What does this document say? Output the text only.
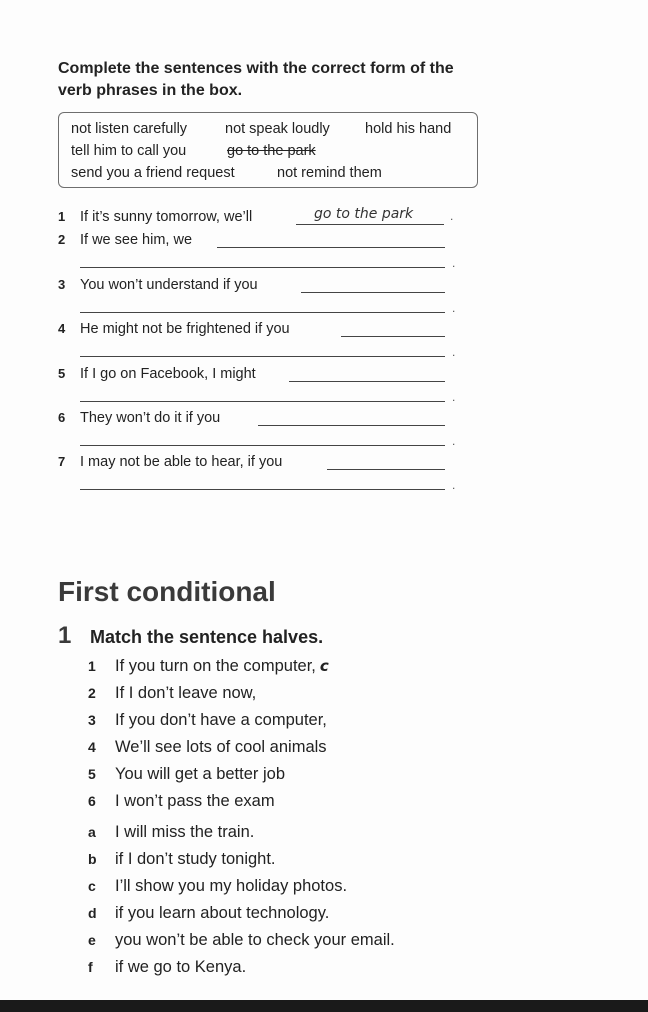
Complete the sentences with the correct form of the verb phrases in the box.
not listen carefully	not speak loudly hold his hand
tell him to call you	go to the park
send you a friend request	not remind them
1 If it’s sunny tomorrow, we’ll	go to the park	.
2 If we see him, we
.
3 You won’t understand if you
.
4 He might not be frightened if you
.
5 If I go on Facebook, I might
.
6 They won’t do it if you
.
7 I may not be able to hear, if you
.
First conditional
1 Match the sentence halves.
1 If you turn on the computer, c
2 If I don’t leave now,
3 If you don’t have a computer,
4 We’ll see lots of cool animals
5 You will get a better job
6 I won’t pass the exam
a I will miss the train.
b if I don’t study tonight.
c I’ll show you my holiday photos.
d if you learn about technology.
e you won’t be able to check your email.
f if we go to Kenya.
